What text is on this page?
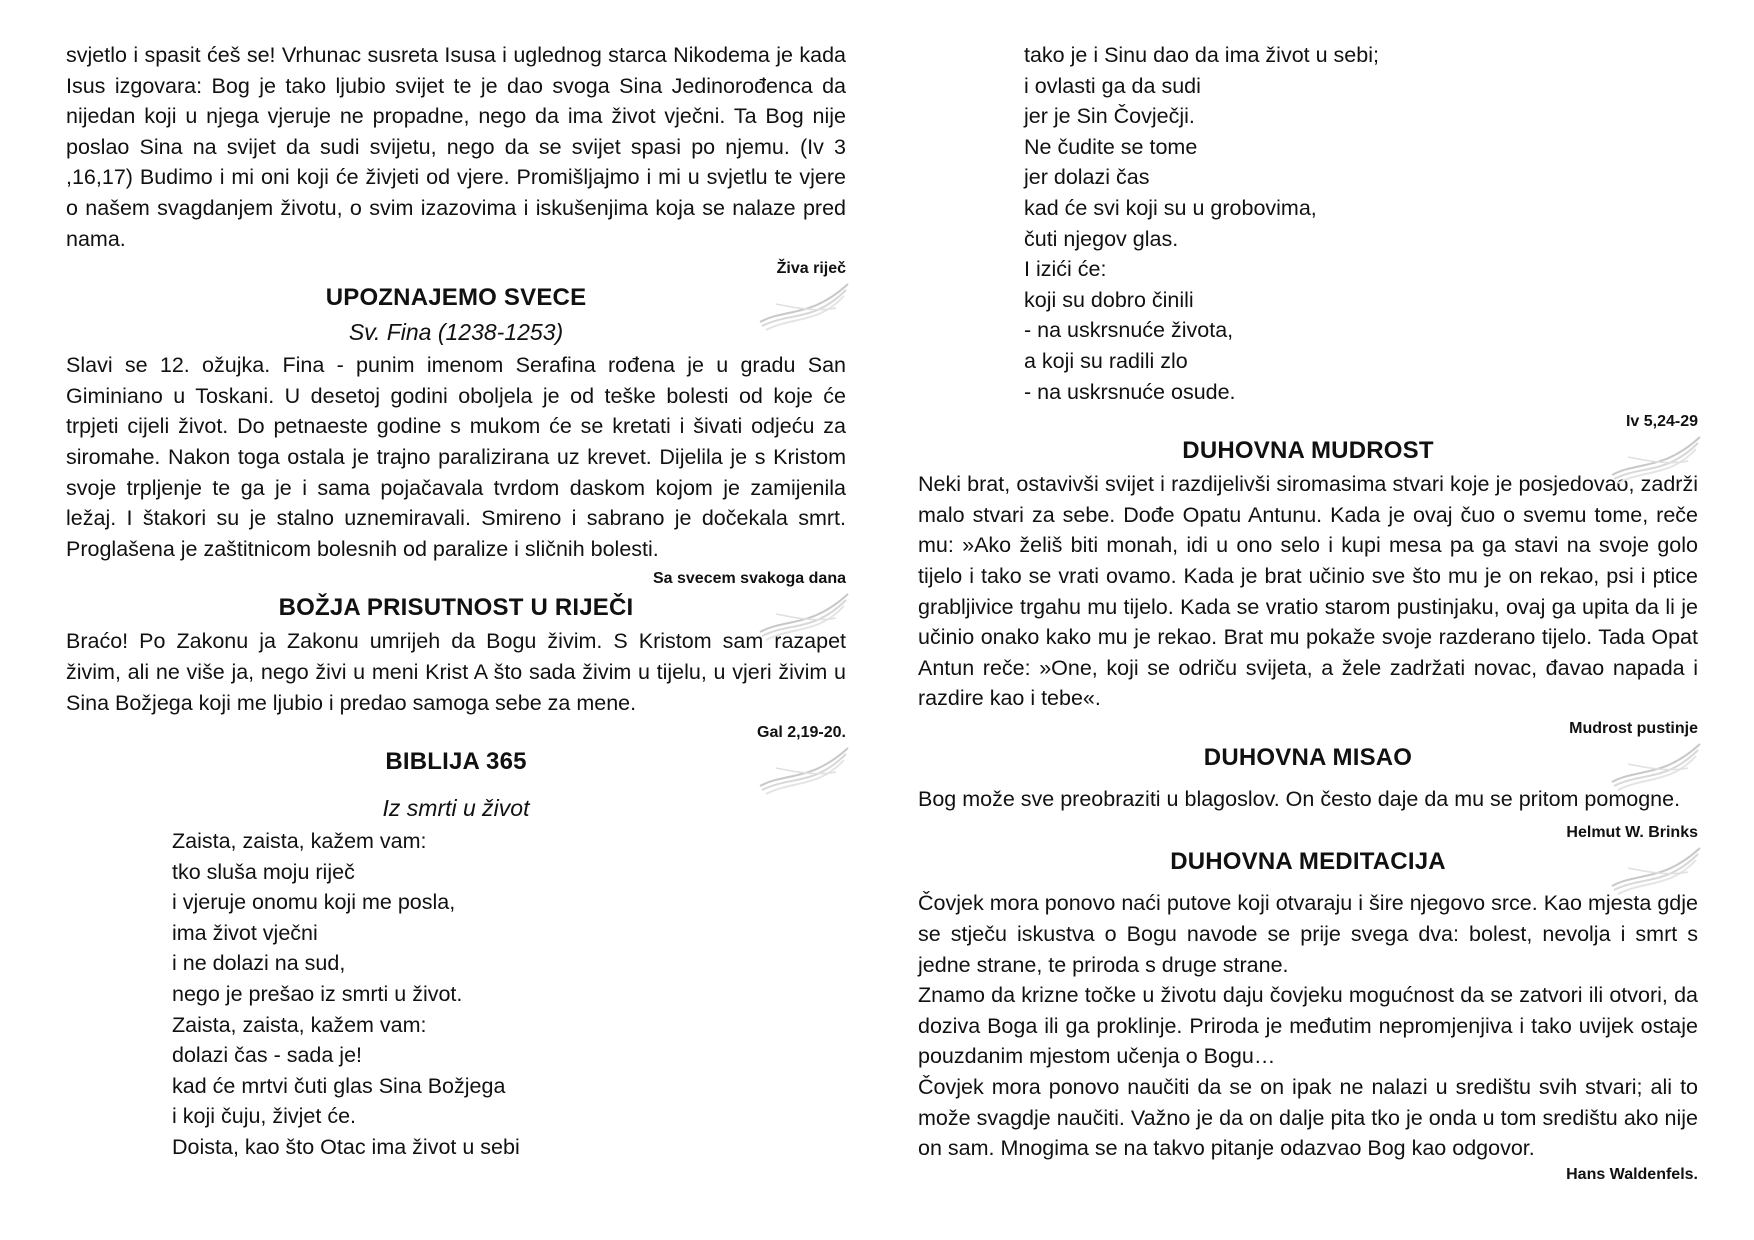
svjetlo i spasit ćeš se! Vrhunac susreta Isusa i uglednog starca Nikodema je kada Isus izgovara: Bog je tako ljubio svijet te je dao svoga Sina Jedinorođenca da nijedan koji u njega vjeruje ne propadne, nego da ima život vječni. Ta Bog nije poslao Sina na svijet da sudi svijetu, nego da se svijet spasi po njemu. (Iv 3 ,16,17) Budimo i mi oni koji će živjeti od vjere. Promišljajmo i mi u svjetlu te vjere o našem svagdanjem životu, o svim izazovima i iskušenjima koja se nalaze pred nama.

Živa riječ
UPOZNAJEMO SVECE
Sv. Fina (1238-1253)

Slavi se 12. ožujka. Fina - punim imenom Serafina rođena je u gradu San Giminiano u Toskani. U desetoj godini oboljela je od teške bolesti od koje će trpjeti cijeli život. Do petnaeste godine s mukom će se kretati i šivati odjeću za siromahe. Nakon toga ostala je trajno paralizirana uz krevet. Dijelila je s Kristom svoje trpljenje te ga je i sama pojačavala tvrdom daskom kojom je zamijenila ležaj. I štakori su je stalno uznemiravali. Smireno i sabrano je dočekala smrt. Proglašena je zaštitnicom bolesnih od paralize i sličnih bolesti.

Sa svecem svakoga dana
BOŽJA PRISUTNOST U RIJEČI

Braćo! Po Zakonu ja Zakonu umrijeh da Bogu živim. S Kristom sam razapet živim, ali ne više ja, nego živi u meni Krist A što sada živim u tijelu, u vjeri živim u Sina Božjega koji me ljubio i predao samoga sebe za mene.

Gal 2,19-20.
BIBLIJA 365
Iz smrti u život
Zaista, zaista, kažem vam:
tko sluša moju riječ
i vjeruje onomu koji me posla,
ima život vječni
i ne dolazi na sud,
nego je prešao iz smrti u život.
Zaista, zaista, kažem vam:
dolazi čas - sada je!
kad će mrtvi čuti glas Sina Božjega
i koji čuju, živjet će.
Doista, kao što Otac ima život u sebi
tako je i Sinu dao da ima život u sebi;
i ovlasti ga da sudi
jer je Sin Čovječji.
Ne čudite se tome
jer dolazi čas
kad će svi koji su u grobovima,
čuti njegov glas.
I izići će:
koji su dobro činili
- na uskrsnuće života,
a koji su radili zlo
- na uskrsnuće osude.
Iv 5,24-29
DUHOVNA MUDROST

Neki brat, ostavivši svijet i razdijelivši siromasima stvari koje je posjedovao, zadrži malo stvari za sebe. Dođe Opatu Antunu. Kada je ovaj čuo o svemu tome, reče mu: »Ako želiš biti monah, idi u ono selo i kupi mesa pa ga stavi na svoje golo tijelo i tako se vrati ovamo. Kada je brat učinio sve što mu je on rekao, psi i ptice grabljivice trgahu mu tijelo. Kada se vratio starom pustinjaku, ovaj ga upita da li je učinio onako kako mu je rekao. Brat mu pokaže svoje razderano tijelo. Tada Opat Antun reče: »One, koji se odriču svijeta, a žele zadržati novac, đavao napada i razdire kao i tebe«.

Mudrost pustinje
DUHOVNA MISAO

Bog može sve preobraziti u blagoslov. On često daje da mu se pritom pomogne.

Helmut W. Brinks
DUHOVNA MEDITACIJA

Čovjek mora ponovo naći putove koji otvaraju i šire njegovo srce. Kao mjesta gdje se stječu iskustva o Bogu navode se prije svega dva: bolest, nevolja i smrt s jedne strane, te priroda s druge strane.

Znamo da krizne točke u životu daju čovjeku mogućnost da se zatvori ili otvori, da doziva Boga ili ga proklinje. Priroda je međutim nepromjenjiva i tako uvijek ostaje pouzdanim mjestom učenja o Bogu…

Čovjek mora ponovo naučiti da se on ipak ne nalazi u središtu svih stvari; ali to može svagdje naučiti. Važno je da on dalje pita tko je onda u tom središtu ako nije on sam. Mnogima se na takvo pitanje odazvao Bog kao odgovor.

Hans Waldenfels.
